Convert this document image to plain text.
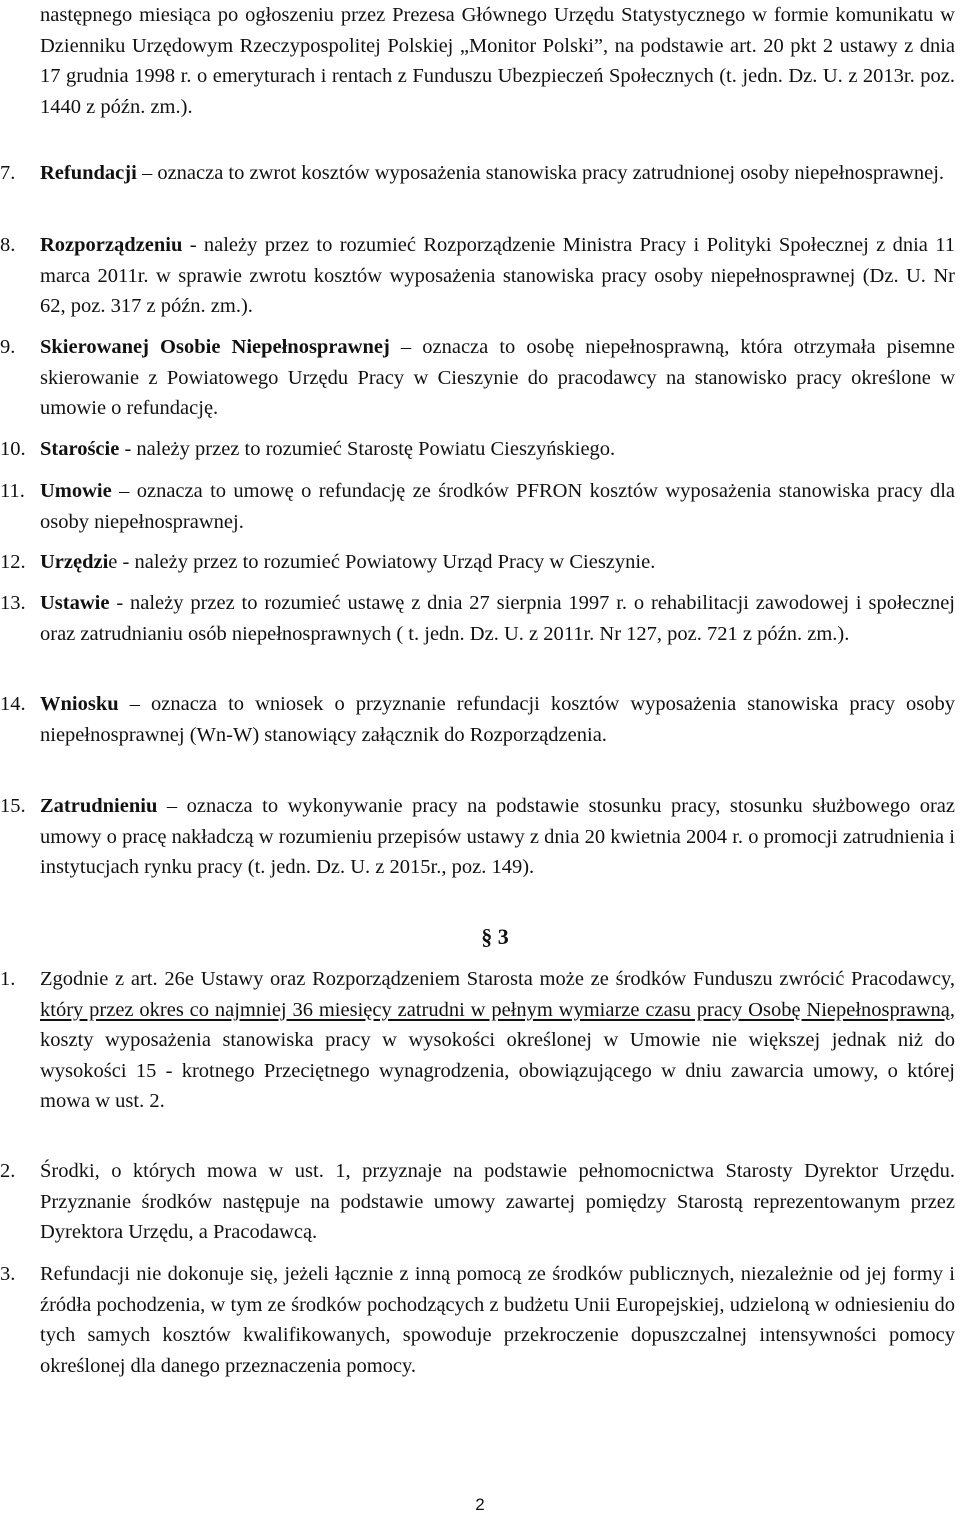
następnego miesiąca po ogłoszeniu przez Prezesa Głównego Urzędu Statystycznego w formie komunikatu w Dzienniku Urzędowym Rzeczypospolitej Polskiej „Monitor Polski”, na podstawie art. 20 pkt 2 ustawy z dnia 17 grudnia 1998 r. o emeryturach i rentach z Funduszu Ubezpieczeń Społecznych (t. jedn. Dz. U. z 2013r. poz. 1440 z późn. zm.).
7.	Refundacji – oznacza to zwrot kosztów wyposażenia stanowiska pracy zatrudnionej osoby niepełnosprawnej.
8.	Rozporządzeniu - należy przez to rozumieć Rozporządzenie Ministra Pracy i Polityki Społecznej z dnia 11 marca 2011r. w sprawie zwrotu kosztów wyposażenia stanowiska pracy osoby niepełnosprawnej (Dz. U. Nr 62, poz. 317 z późn. zm.).
9.	Skierowanej Osobie Niepełnosprawnej – oznacza to osobę niepełnosprawną, która otrzymała pisemne skierowanie z Powiatowego Urzędu Pracy w Cieszynie do pracodawcy na stanowisko pracy określone w umowie o refundację.
10. Staroście - należy przez to rozumieć Starostę Powiatu Cieszyńskiego.
11. Umowie – oznacza to umowę o refundację ze środków PFRON kosztów wyposażenia stanowiska pracy dla osoby niepełnosprawnej.
12. Urzędzie - należy przez to rozumieć Powiatowy Urząd Pracy w Cieszynie.
13. Ustawie - należy przez to rozumieć ustawę z dnia 27 sierpnia 1997 r. o rehabilitacji zawodowej i społecznej oraz zatrudnianiu osób niepełnosprawnych ( t. jedn. Dz. U. z 2011r. Nr 127, poz. 721 z późn. zm.).
14. Wniosku – oznacza to wniosek o przyznanie refundacji kosztów wyposażenia stanowiska pracy osoby niepełnosprawnej (Wn-W) stanowiący załącznik do Rozporządzenia.
15. Zatrudnieniu – oznacza to wykonywanie pracy na podstawie stosunku pracy, stosunku służbowego oraz umowy o pracę nakładczą w rozumieniu przepisów ustawy z dnia 20 kwietnia 2004 r. o promocji zatrudnienia i instytucjach rynku pracy (t. jedn. Dz. U. z 2015r., poz. 149).
§ 3
1.	Zgodnie z art. 26e Ustawy oraz Rozporządzeniem Starosta może ze środków Funduszu zwrócić Pracodawcy, który przez okres co najmniej 36 miesięcy zatrudni w pełnym wymiarze czasu pracy Osobę Niepełnosprawną, koszty wyposażenia stanowiska pracy w wysokości określonej w Umowie nie większej jednak niż do wysokości 15 - krotnego Przeciętnego wynagrodzenia, obowiązującego w dniu zawarcia umowy, o której mowa w ust. 2.
2.	Środki, o których mowa w ust. 1, przyznaje na podstawie pełnomocnictwa Starosty Dyrektor Urzędu. Przyznanie środków następuje na podstawie umowy zawartej pomiędzy Starostą reprezentowanym przez Dyrektora Urzędu, a Pracodawcą.
3.	Refundacji nie dokonuje się, jeżeli łącznie z inną pomocą ze środków publicznych, niezależnie od jej formy i źródła pochodzenia, w tym ze środków pochodzących z budżetu Unii Europejskiej, udzieloną w odniesieniu do tych samych kosztów kwalifikowanych, spowoduje przekroczenie dopuszczalnej intensywności pomocy określonej dla danego przeznaczenia pomocy.
2
